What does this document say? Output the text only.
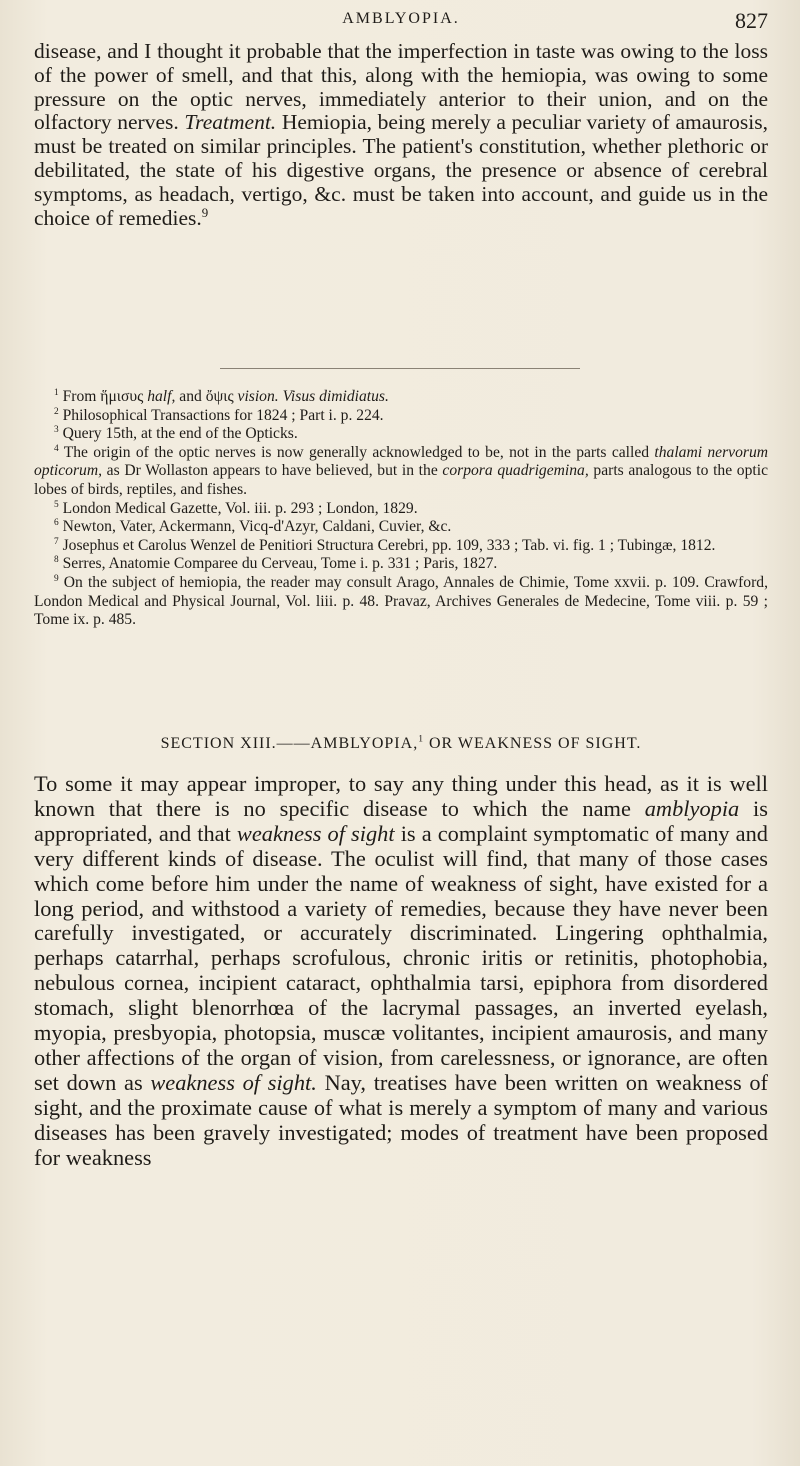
AMBLYOPIA.	827

disease, and I thought it probable that the imperfection in taste was owing to the loss of the power of smell, and that this, along with the hemiopia, was owing to some pressure on the optic nerves, immediately anterior to their union, and on the olfactory nerves. Treatment. Hemiopia, being merely a peculiar variety of amaurosis, must be treated on similar principles. The patient's constitution, whether plethoric or debilitated, the state of his digestive organs, the presence or absence of cerebral symptoms, as headach, vertigo, &c. must be taken into account, and guide us in the choice of remedies.$^9$

$^1$ From ἥμισυς half, and ὄψις vision. Visus dimidiatus.

$^2$ Philosophical Transactions for 1824 ; Part i. p. 224.

$^3$ Query 15th, at the end of the Opticks.

$^4$ The origin of the optic nerves is now generally acknowledged to be, not in the parts called thalami nervorum opticorum, as Dr Wollaston appears to have believed, but in the corpora quadrigemina, parts analogous to the optic lobes of birds, reptiles, and fishes.

$^5$ London Medical Gazette, Vol. iii. p. 293 ; London, 1829.

$^6$ Newton, Vater, Ackermann, Vicq-d'Azyr, Caldani, Cuvier, &c.

$^7$ Josephus et Carolus Wenzel de Penitiori Structura Cerebri, pp. 109, 333 ; Tab. vi. fig. 1 ; Tubingæ, 1812.

$^8$ Serres, Anatomie Comparee du Cerveau, Tome i. p. 331 ; Paris, 1827.

$^9$ On the subject of hemiopia, the reader may consult Arago, Annales de Chimie, Tome xxvii. p. 109. Crawford, London Medical and Physical Journal, Vol. liii. p. 48. Pravaz, Archives Generales de Medecine, Tome viii. p. 59 ; Tome ix. p. 485.

SECTION XIII.——AMBLYOPIA,$^1$ OR WEAKNESS OF SIGHT.

To some it may appear improper, to say any thing under this head, as it is well known that there is no specific disease to which the name amblyopia is appropriated, and that weakness of sight is a complaint symptomatic of many and very different kinds of disease. The oculist will find, that many of those cases which come before him under the name of weakness of sight, have existed for a long period, and withstood a variety of remedies, because they have never been carefully investigated, or accurately discriminated. Lingering ophthalmia, perhaps catarrhal, perhaps scrofulous, chronic iritis or retinitis, photophobia, nebulous cornea, incipient cataract, ophthalmia tarsi, epiphora from disordered stomach, slight blenorrhœa of the lacrymal passages, an inverted eyelash, myopia, presbyopia, photopsia, muscæ volitantes, incipient amaurosis, and many other affections of the organ of vision, from carelessness, or ignorance, are often set down as weakness of sight. Nay, treatises have been written on weakness of sight, and the proximate cause of what is merely a symptom of many and various diseases has been gravely investigated; modes of treatment have been proposed for weakness
